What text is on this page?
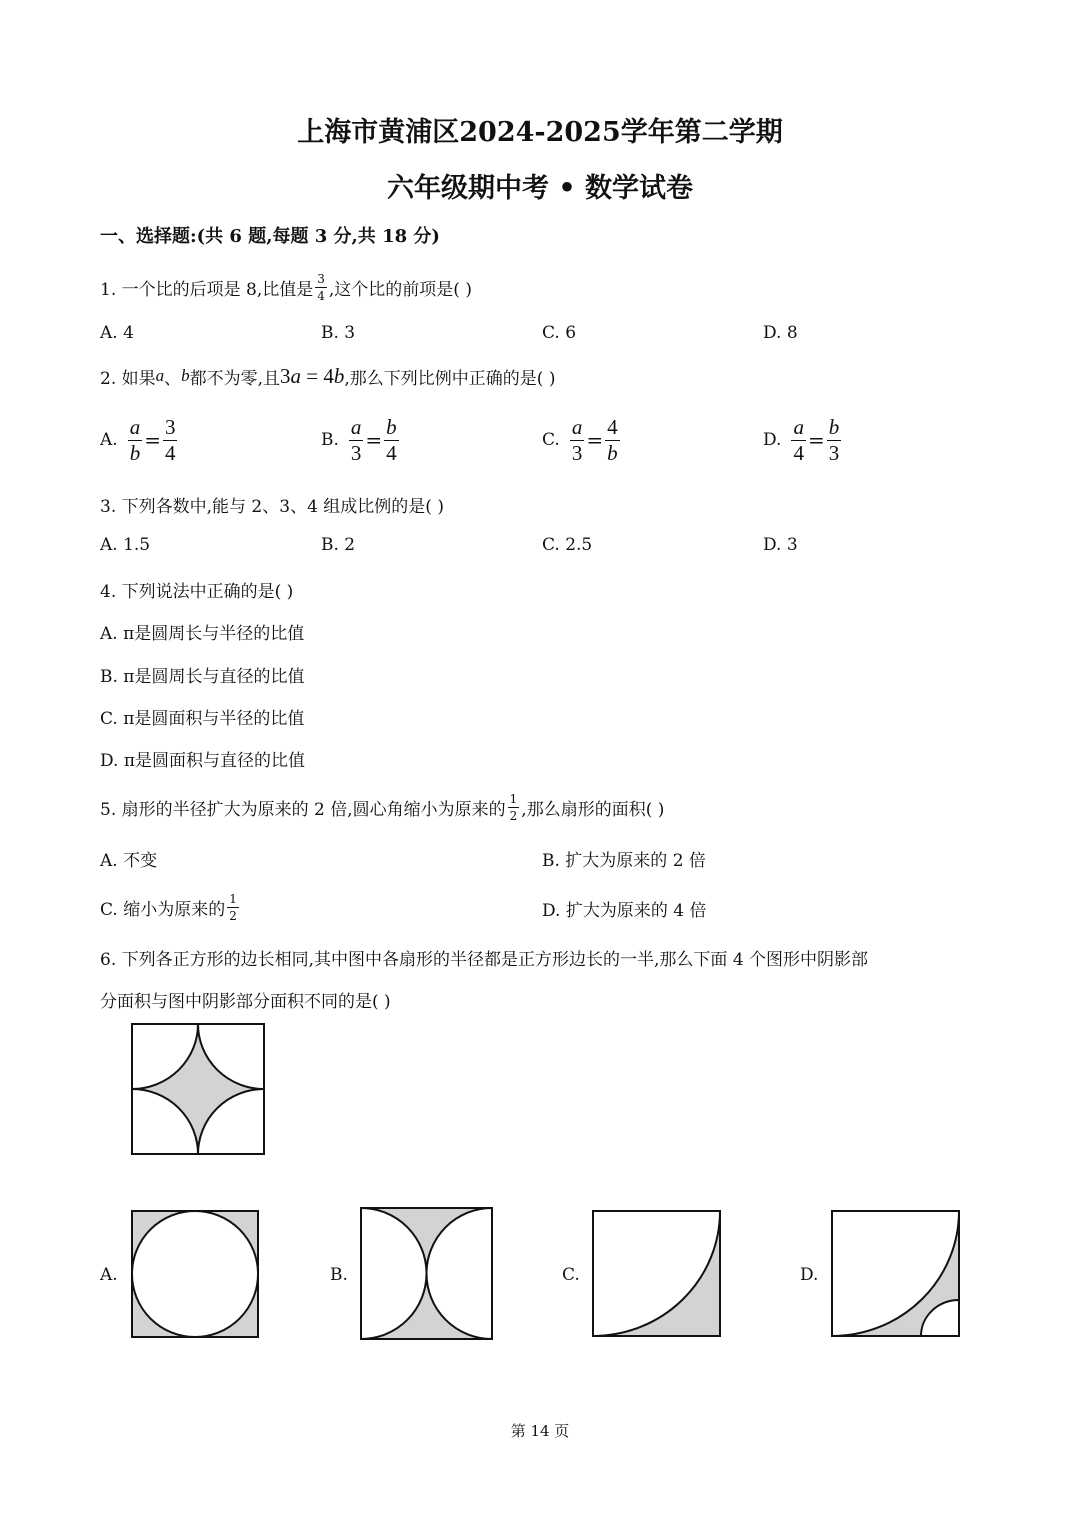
上海市黄浦区2024-2025学年第二学期
六年级期中考 • 数学试卷
一、选择题:(共 6 题,每题 3 分,共 18 分)
1. 一个比的后项是 8,比值是 $\frac{3}{4}$ ,这个比的前项是( )
A. 4	B. 3	C. 6	D. 8
2. 如果 a 、 b 都不为零,且 3a = 4b ,那么下列比例中正确的是( )
A. $\frac{a}{b} = \frac{3}{4}$	B. $\frac{a}{3} = \frac{b}{4}$	C. $\frac{a}{3} = \frac{4}{b}$	D. $\frac{a}{4} = \frac{b}{3}$
3. 下列各数中,能与 2、3、4 组成比例的是( )
A. 1.5	B. 2	C. 2.5	D. 3
4. 下列说法中正确的是( )
A. π是圆周长与半径的比值
B. π是圆周长与直径的比值
C. π是圆面积与半径的比值
D. π是圆面积与直径的比值
5. 扇形的半径扩大为原来的 2 倍,圆心角缩小为原来的 $\frac{1}{2}$ ,那么扇形的面积( )
A. 不变	B. 扩大为原来的 2 倍
C. 缩小为原来的 $\frac{1}{2}$	D. 扩大为原来的 4 倍
6. 下列各正方形的边长相同,其中图中各扇形的半径都是正方形边长的一半,那么下面 4 个图形中阴影部
分面积与图中阴影部分面积不同的是( )
A.	B.	C.	D.
第 14 页
